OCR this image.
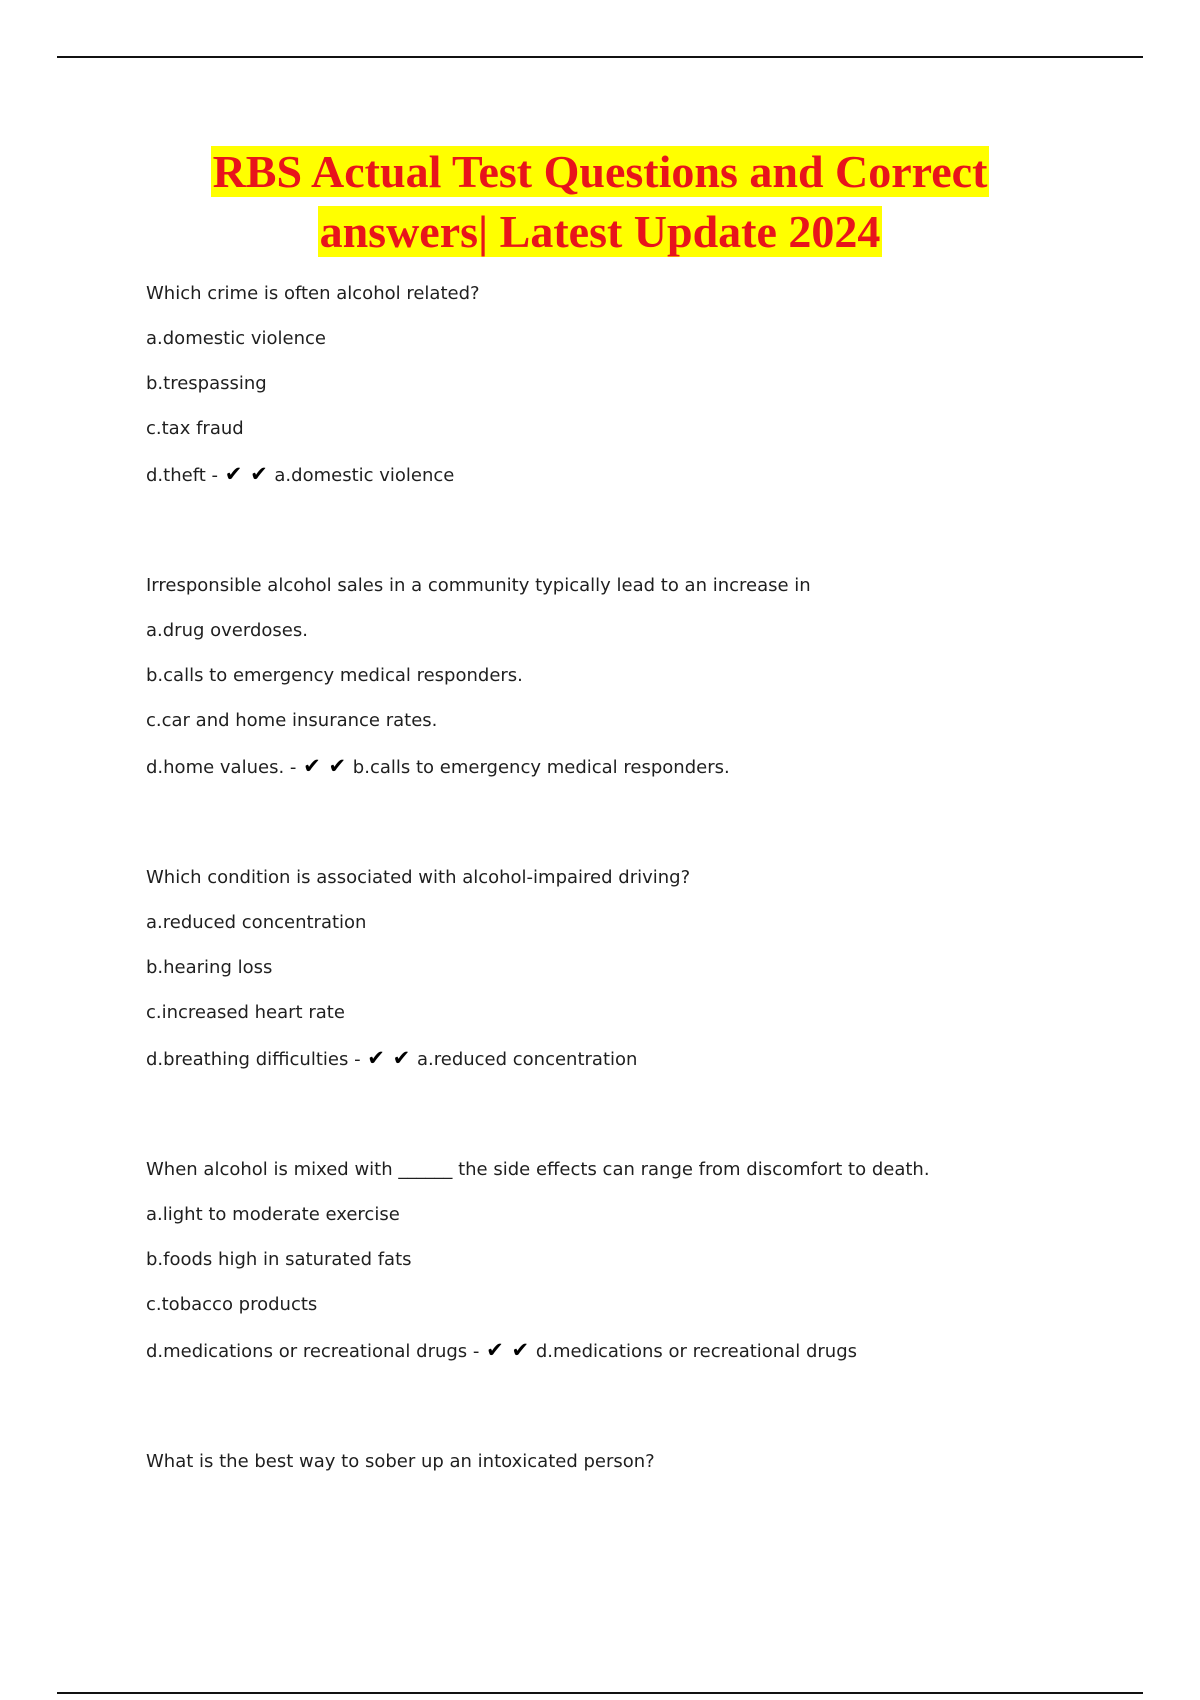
RBS Actual Test Questions and Correct
answers| Latest Update 2024
Which crime is often alcohol related?
a.domestic violence
b.trespassing
c.tax fraud
d.theft - ✔ ✔ a.domestic violence
Irresponsible alcohol sales in a community typically lead to an increase in
a.drug overdoses.
b.calls to emergency medical responders.
c.car and home insurance rates.
d.home values. - ✔ ✔ b.calls to emergency medical responders.
Which condition is associated with alcohol-impaired driving?
a.reduced concentration
b.hearing loss
c.increased heart rate
d.breathing difficulties - ✔ ✔ a.reduced concentration
When alcohol is mixed with ______ the side effects can range from discomfort to death.
a.light to moderate exercise
b.foods high in saturated fats
c.tobacco products
d.medications or recreational drugs - ✔ ✔ d.medications or recreational drugs
What is the best way to sober up an intoxicated person?
